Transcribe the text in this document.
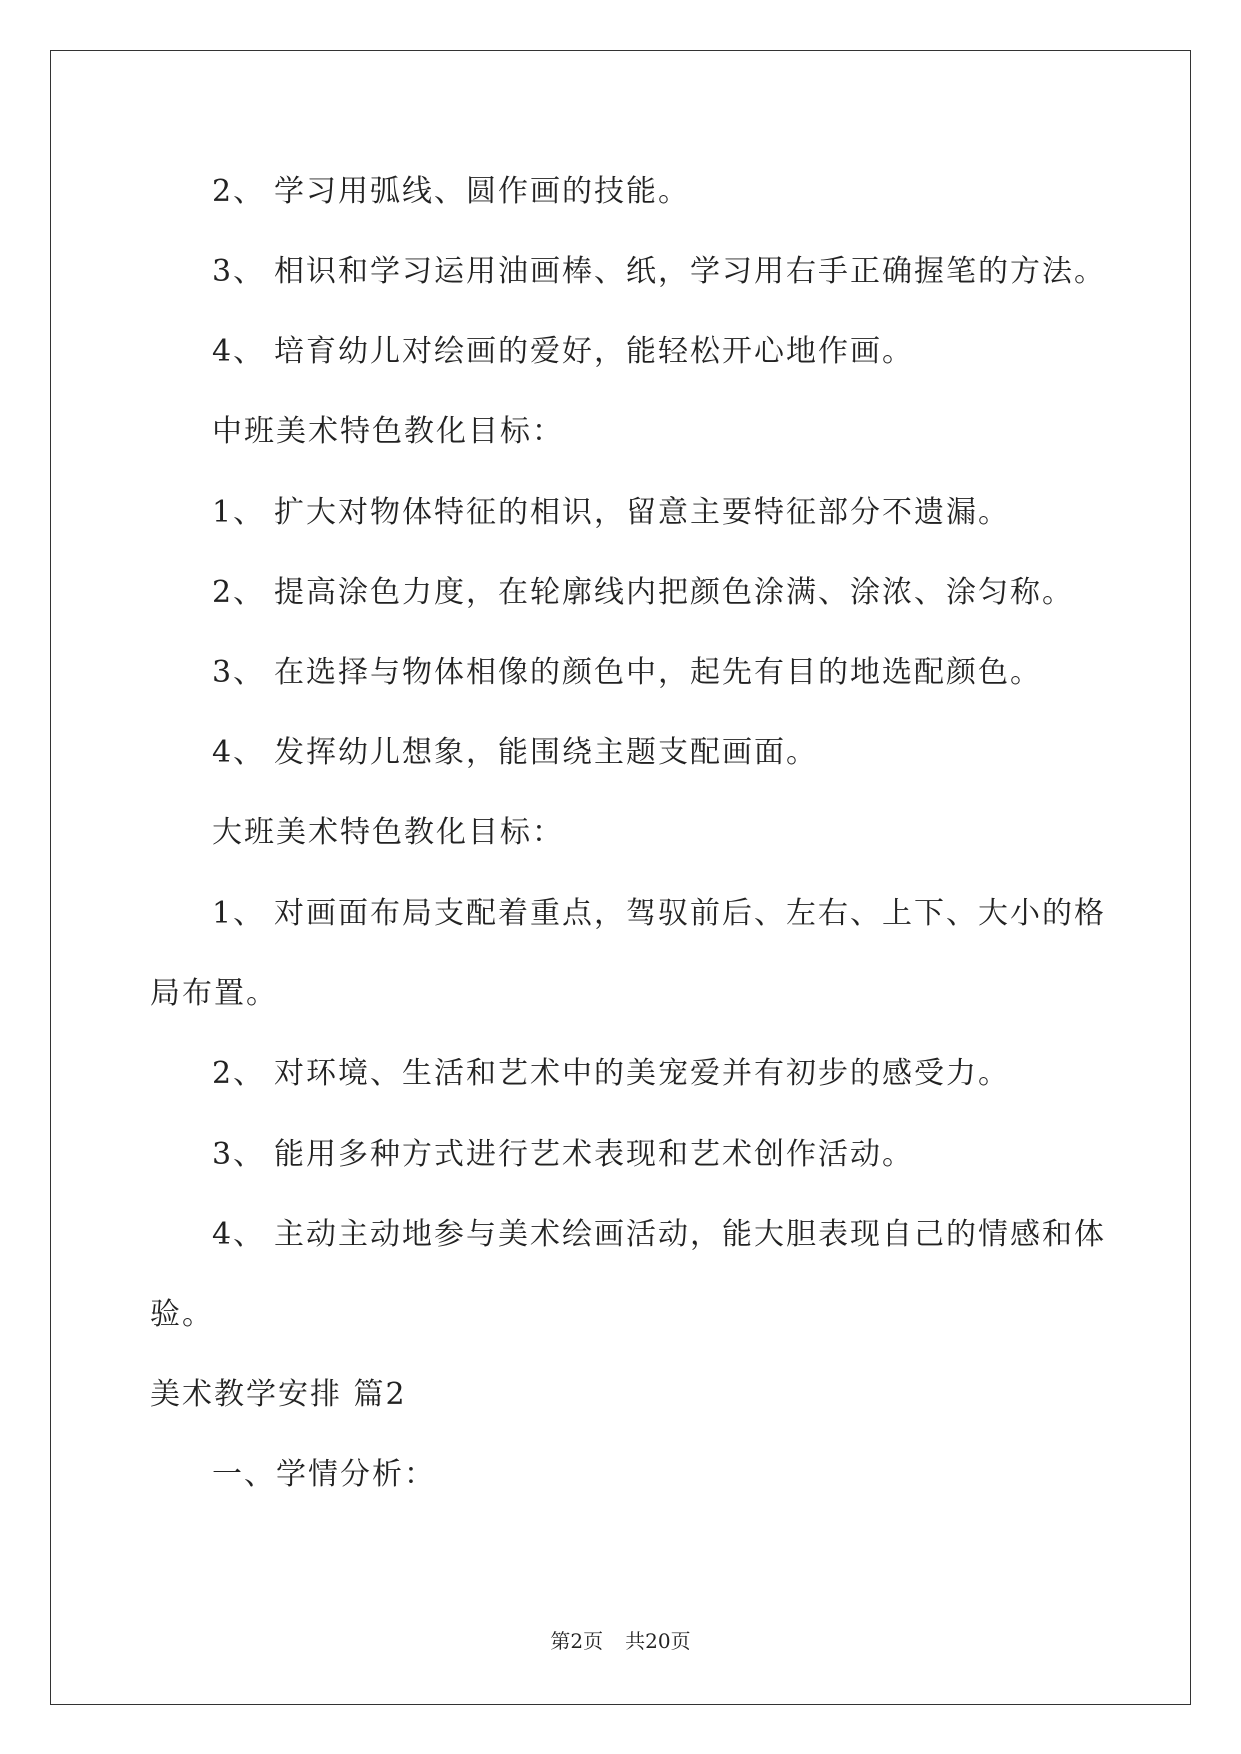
2、 学习用弧线、圆作画的技能。
3、 相识和学习运用油画棒、纸，学习用右手正确握笔的方法。
4、 培育幼儿对绘画的爱好，能轻松开心地作画。
中班美术特色教化目标：
1、 扩大对物体特征的相识，留意主要特征部分不遗漏。
2、 提高涂色力度，在轮廓线内把颜色涂满、涂浓、涂匀称。
3、 在选择与物体相像的颜色中，起先有目的地选配颜色。
4、 发挥幼儿想象，能围绕主题支配画面。
大班美术特色教化目标：
1、 对画面布局支配着重点，驾驭前后、左右、上下、大小的格
局布置。
2、 对环境、生活和艺术中的美宠爱并有初步的感受力。
3、 能用多种方式进行艺术表现和艺术创作活动。
4、 主动主动地参与美术绘画活动，能大胆表现自己的情感和体
验。
美术教学安排 篇2
一、学情分析：
第2页 共20页
